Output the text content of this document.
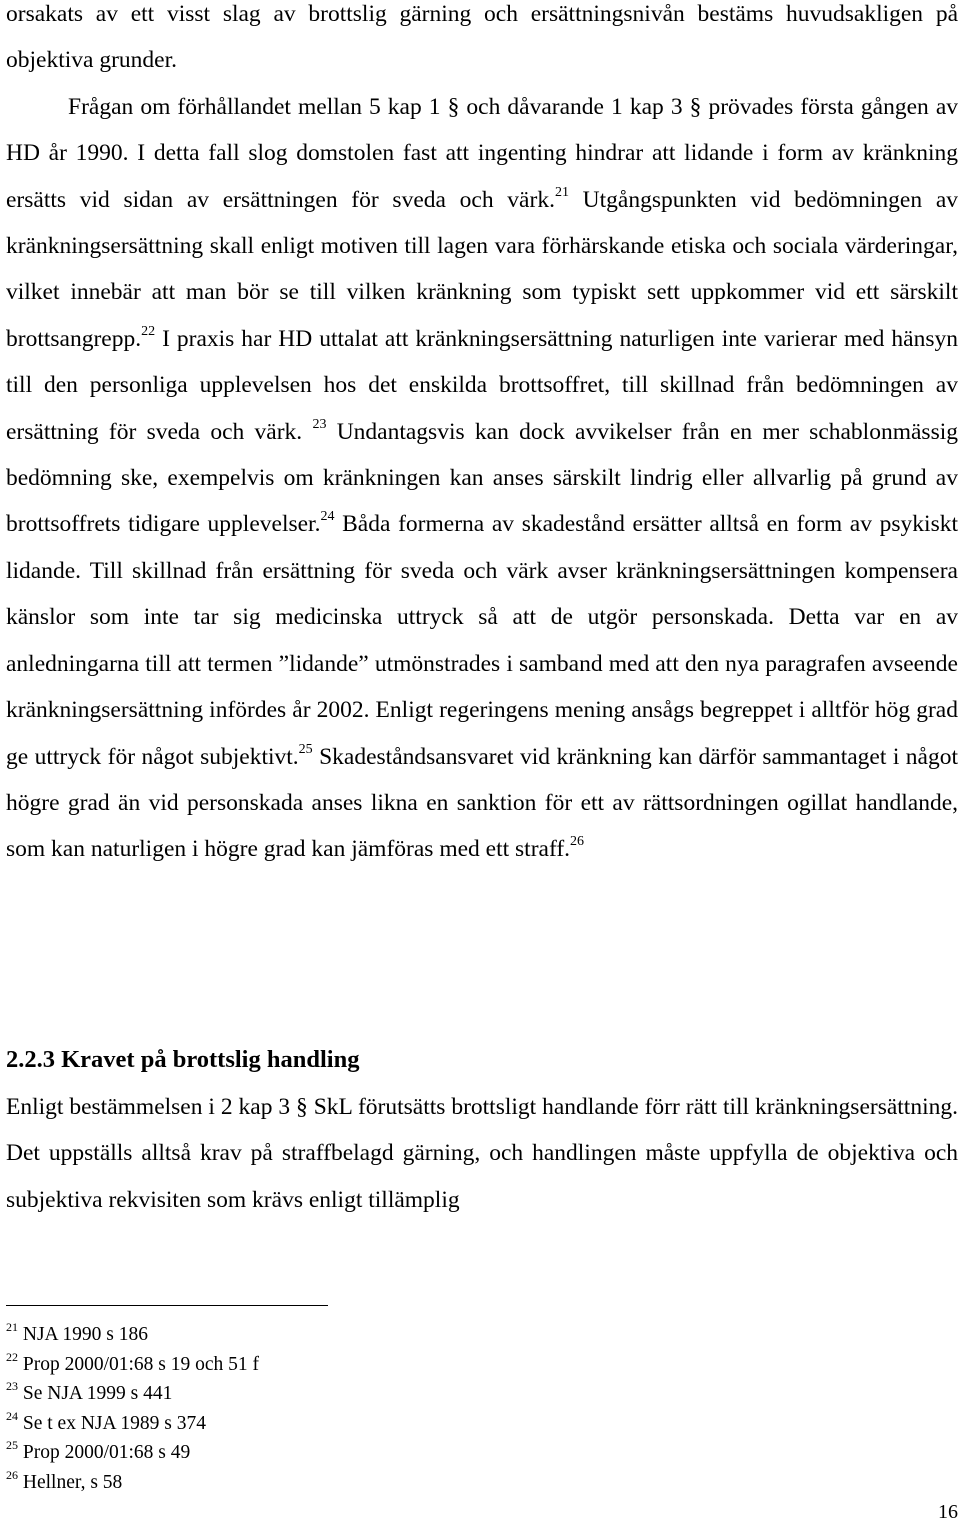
orsakats av ett visst slag av brottslig gärning och ersättningsnivån bestäms huvudsakligen på objektiva grunder.

Frågan om förhållandet mellan 5 kap 1 § och dåvarande 1 kap 3 § prövades första gången av HD år 1990. I detta fall slog domstolen fast att ingenting hindrar att lidande i form av kränkning ersätts vid sidan av ersättningen för sveda och värk.$^{21}$ Utgångspunkten vid bedömningen av kränkningsersättning skall enligt motiven till lagen vara förhärskande etiska och sociala värderingar, vilket innebär att man bör se till vilken kränkning som typiskt sett uppkommer vid ett särskilt brottsangrepp.$^{22}$ I praxis har HD uttalat att kränkningsersättning naturligen inte varierar med hänsyn till den personliga upplevelsen hos det enskilda brottsoffret, till skillnad från bedömningen av ersättning för sveda och värk. $^{23}$ Undantagsvis kan dock avvikelser från en mer schablonmässig bedömning ske, exempelvis om kränkningen kan anses särskilt lindrig eller allvarlig på grund av brottsoffrets tidigare upplevelser.$^{24}$ Båda formerna av skadestånd ersätter alltså en form av psykiskt lidande. Till skillnad från ersättning för sveda och värk avser kränkningsersättningen kompensera känslor som inte tar sig medicinska uttryck så att de utgör personskada. Detta var en av anledningarna till att termen ”lidande” utmönstrades i samband med att den nya paragrafen avseende kränkningsersättning infördes år 2002. Enligt regeringens mening ansågs begreppet i alltför hög grad ge uttryck för något subjektivt.$^{25}$ Skadeståndsansvaret vid kränkning kan därför sammantaget i något högre grad än vid personskada anses likna en sanktion för ett av rättsordningen ogillat handlande, som kan naturligen i högre grad kan jämföras med ett straff.$^{26}$

2.2.3 Kravet på brottslig handling

Enligt bestämmelsen i 2 kap 3 § SkL förutsätts brottsligt handlande förr rätt till kränkningsersättning. Det uppställs alltså krav på straffbelagd gärning, och handlingen måste uppfylla de objektiva och subjektiva rekvisiten som krävs enligt tillämplig

$^{21}$ NJA 1990 s 186
$^{22}$ Prop 2000/01:68 s 19 och 51 f
$^{23}$ Se NJA 1999 s 441
$^{24}$ Se t ex NJA 1989 s 374
$^{25}$ Prop 2000/01:68 s 49
$^{26}$ Hellner, s 58
16
